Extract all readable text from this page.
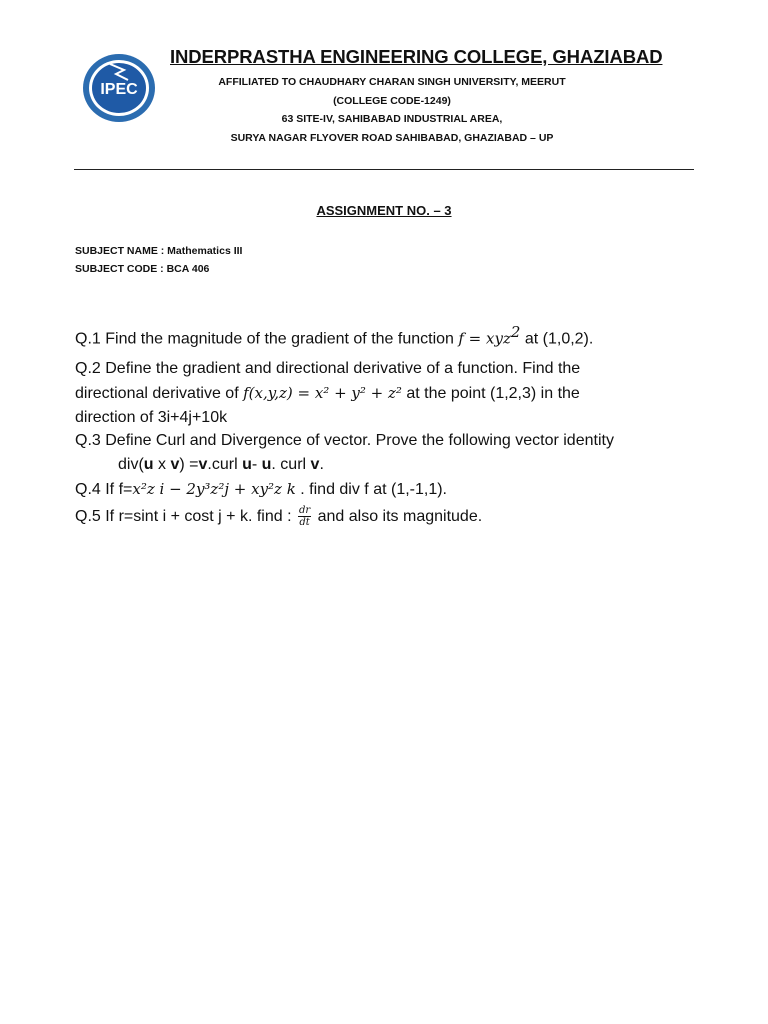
IPEC
INDERPRASTHA ENGINEERING COLLEGE, GHAZIABAD
AFFILIATED TO CHAUDHARY CHARAN SINGH UNIVERSITY, MEERUT
(COLLEGE CODE-1249)
63 SITE-IV, SAHIBABAD INDUSTRIAL AREA,
SURYA NAGAR FLYOVER ROAD SAHIBABAD, GHAZIABAD – UP
ASSIGNMENT NO. – 3
SUBJECT NAME : Mathematics III
SUBJECT CODE : BCA 406
Q.1 Find the magnitude of the gradient of the function f = xyz$^2$ at (1,0,2).
Q.2 Define the gradient and directional derivative of a function. Find the
directional derivative of f(x,y,z) = x² + y² + z² at the point (1,2,3) in the
direction of 3i+4j+10k
Q.3 Define Curl and Divergence of vector. Prove the following vector identity
div(u x v) =v.curl u- u. curl v.
Q.4 If f=x²z i − 2y³z²j + xy²z k . find div f at (1,-1,1).
Q.5 If r=sint i + cost j + k. find : $\frac{dr}{dt}$ and also its magnitude.
